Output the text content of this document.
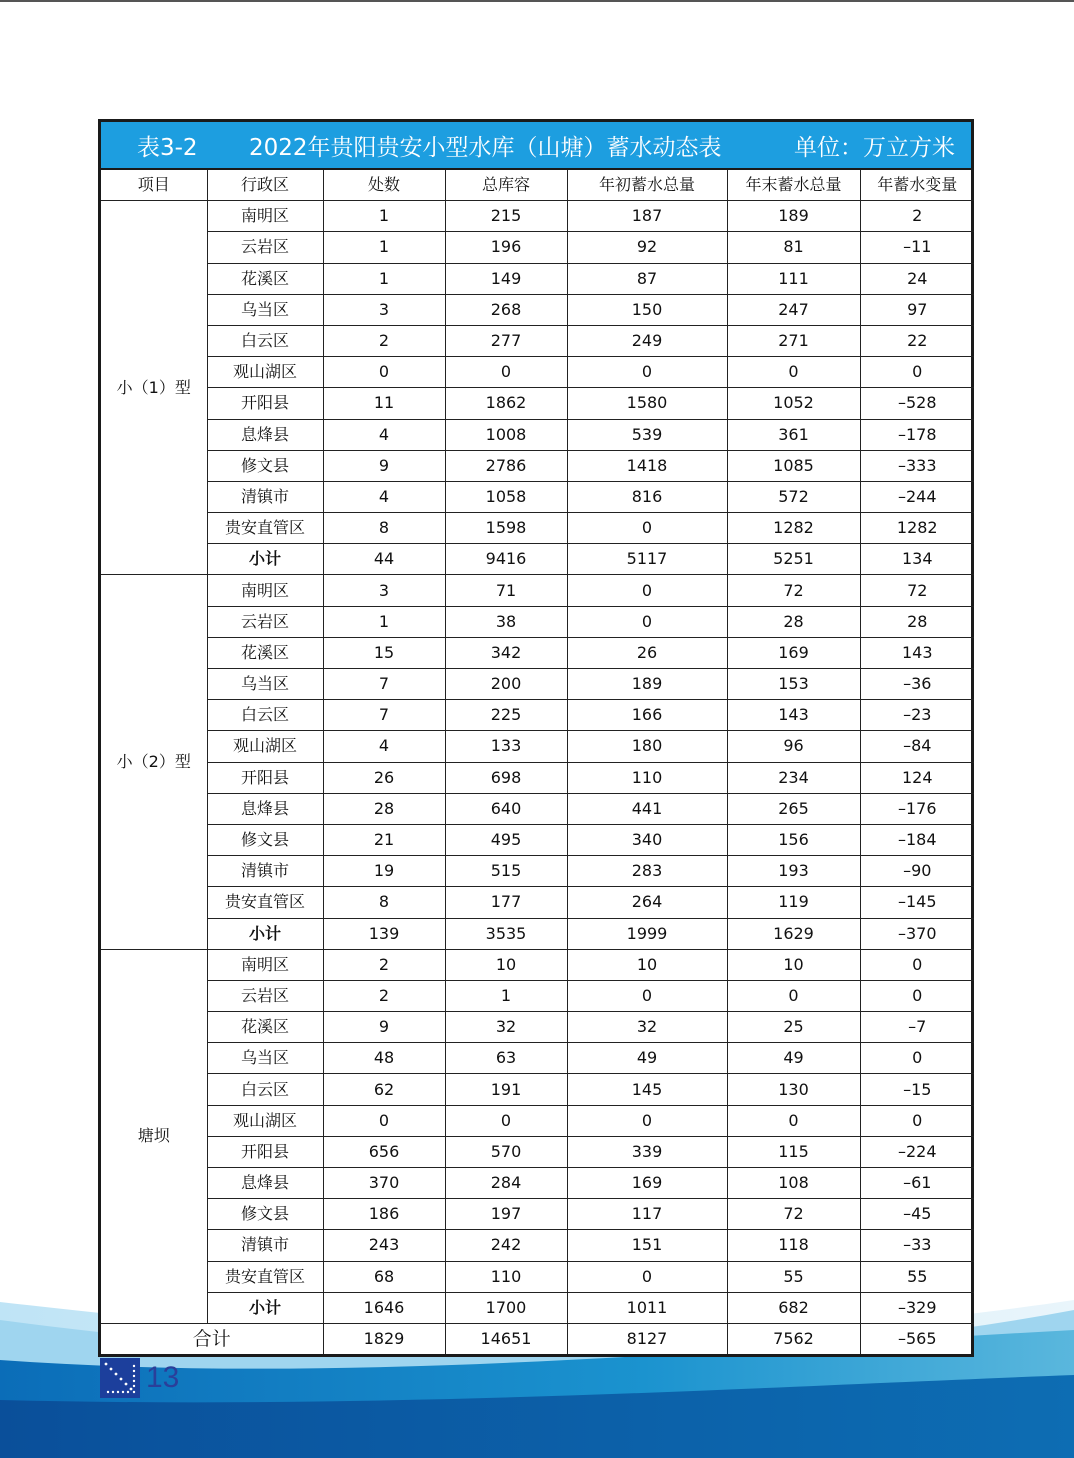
表3-2	2022年贵阳贵安小型水库（山塘）蓄水动态表	单位：万立方米
项目	行政区	处数	总库容	年初蓄水总量	年末蓄水总量	年蓄水变量
小（1）型	南明区	1	215	187	189	2
	云岩区	1	196	92	81	–11
	花溪区	1	149	87	111	24
	乌当区	3	268	150	247	97
	白云区	2	277	249	271	22
	观山湖区	0	0	0	0	0
	开阳县	11	1862	1580	1052	–528
	息烽县	4	1008	539	361	–178
	修文县	9	2786	1418	1085	–333
	清镇市	4	1058	816	572	–244
	贵安直管区	8	1598	0	1282	1282
	小计	44	9416	5117	5251	134
小（2）型	南明区	3	71	0	72	72
	云岩区	1	38	0	28	28
	花溪区	15	342	26	169	143
	乌当区	7	200	189	153	–36
	白云区	7	225	166	143	–23
	观山湖区	4	133	180	96	–84
	开阳县	26	698	110	234	124
	息烽县	28	640	441	265	–176
	修文县	21	495	340	156	–184
	清镇市	19	515	283	193	–90
	贵安直管区	8	177	264	119	–145
	小计	139	3535	1999	1629	–370
塘坝	南明区	2	10	10	10	0
	云岩区	2	1	0	0	0
	花溪区	9	32	32	25	–7
	乌当区	48	63	49	49	0
	白云区	62	191	145	130	–15
	观山湖区	0	0	0	0	0
	开阳县	656	570	339	115	–224
	息烽县	370	284	169	108	–61
	修文县	186	197	117	72	–45
	清镇市	243	242	151	118	–33
	贵安直管区	68	110	0	55	55
	小计	1646	1700	1011	682	–329
合计		1829	14651	8127	7562	–565
13
